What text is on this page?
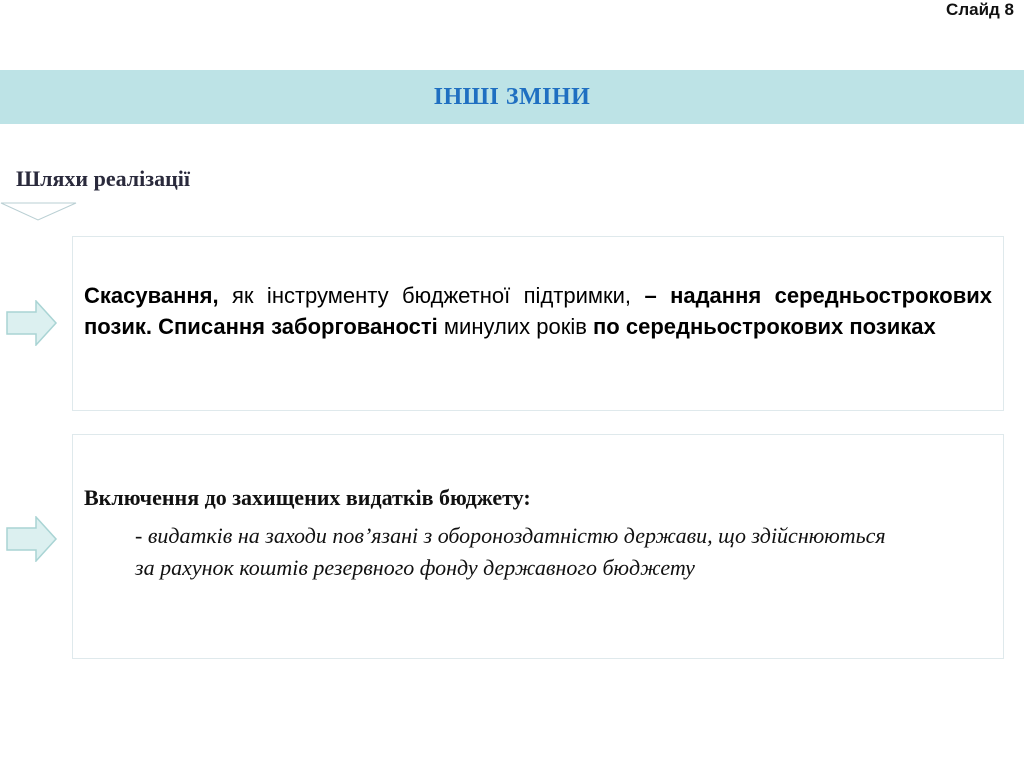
Слайд 8
ІНШІ ЗМІНИ
Шляхи реалізації
Скасування, як інструменту бюджетної підтримки, – надання середньострокових позик. Списання заборгованості минулих років по середньострокових позиках
Включення до захищених видатків бюджету:
- видатків на заходи пов’язані з обороноздатністю держави, що здійснюються за рахунок коштів резервного фонду державного бюджету
